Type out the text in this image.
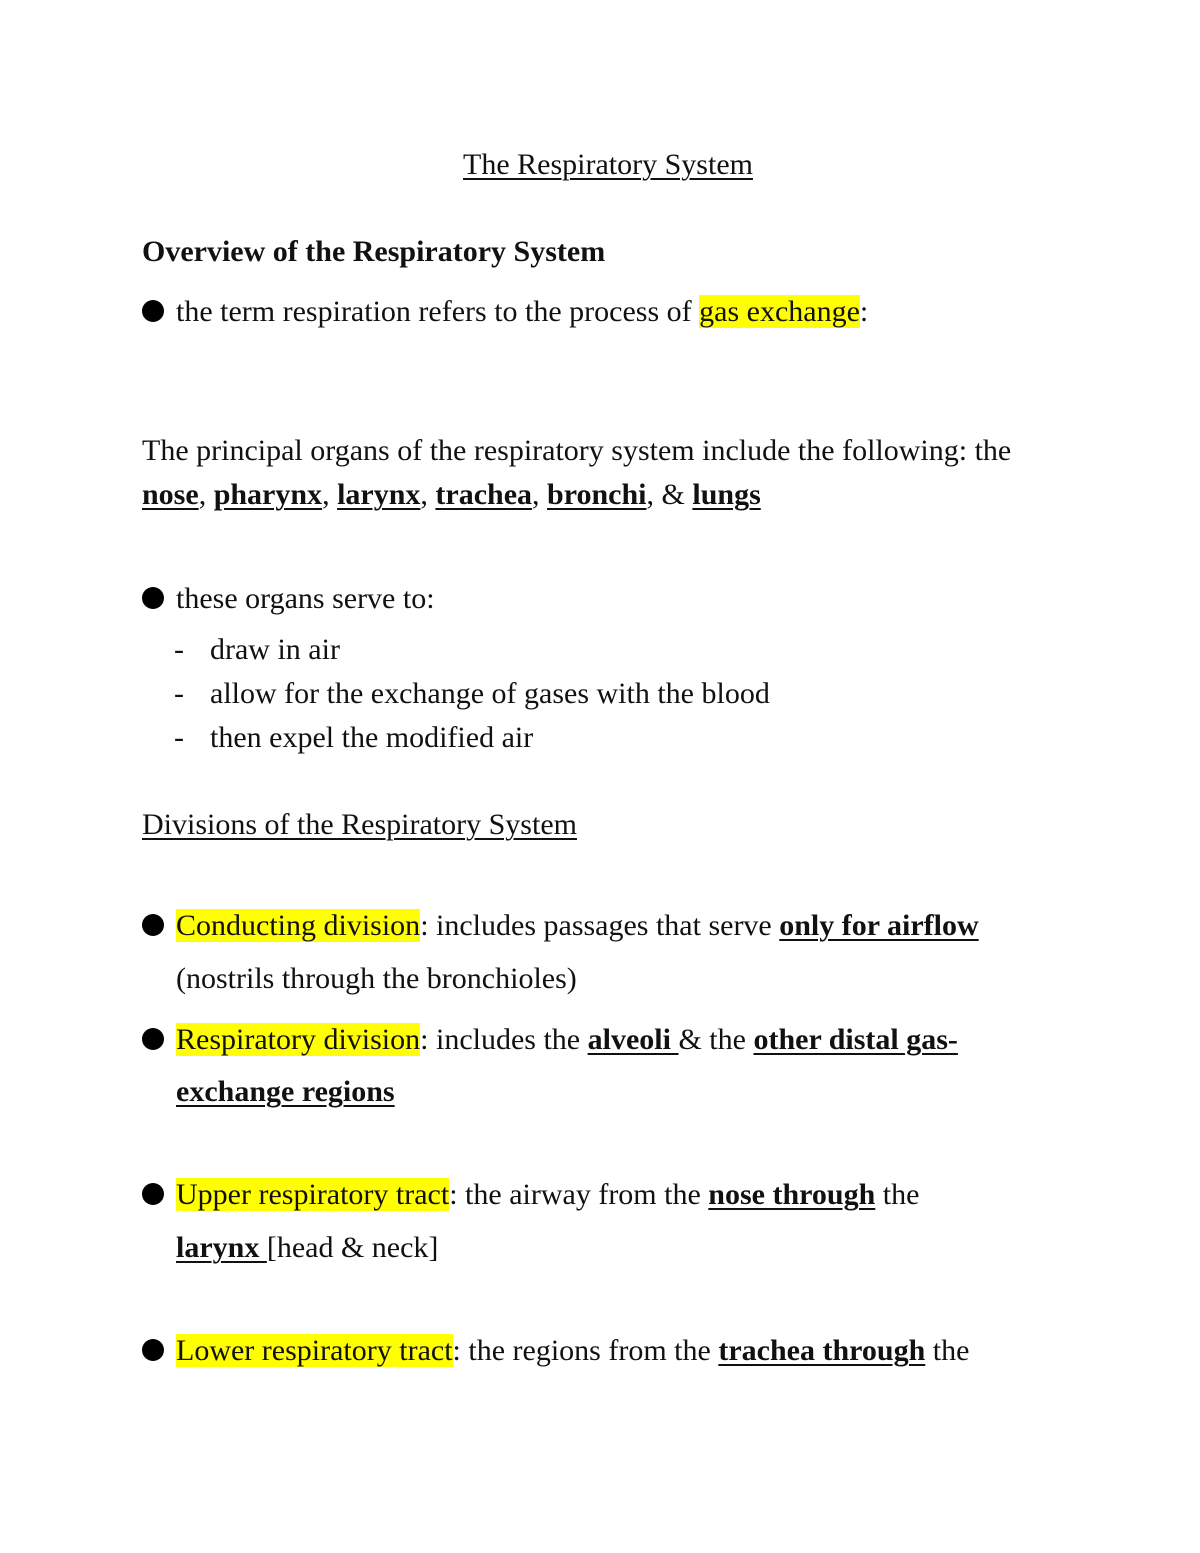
The Respiratory System
Overview of the Respiratory System
the term respiration refers to the process of gas exchange:
The principal organs of the respiratory system include the following: the
nose, pharynx, larynx, trachea, bronchi, & lungs
these organs serve to:
- draw in air
- allow for the exchange of gases with the blood
- then expel the modified air
Divisions of the Respiratory System
Conducting division: includes passages that serve only for airflow
(nostrils through the bronchioles)
Respiratory division: includes the alveoli & the other distal gas-
exchange regions
Upper respiratory tract: the airway from the nose through the
larynx [head & neck]
Lower respiratory tract: the regions from the trachea through the
